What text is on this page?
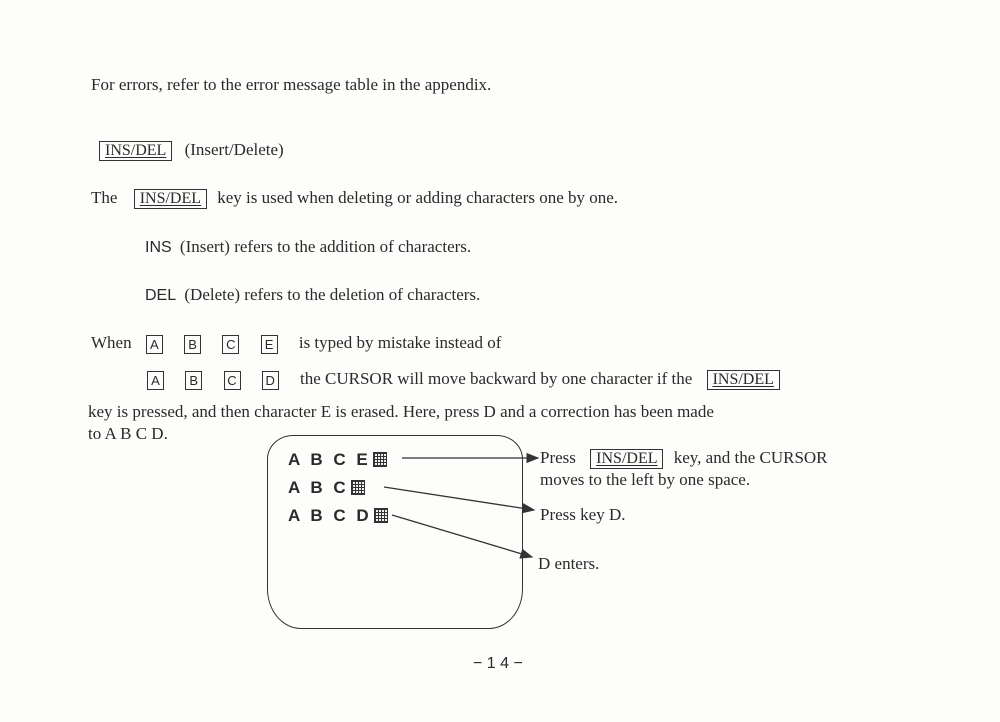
For errors, refer to the error message table in the appendix.
INS/DEL (Insert/Delete)
The INS/DEL key is used when deleting or adding characters one by one.
INS (Insert) refers to the addition of characters.
DEL (Delete) refers to the deletion of characters.
When A B C E is typed by mistake instead of
A B C D the CURSOR will move backward by one character if the INS/DEL
key is pressed, and then character E is erased. Here, press D and a correction has been made
to A B C D.
A B C E
A B C
A B C D
Press INS/DEL key, and the CURSOR
moves to the left by one space.
Press key D.
D enters.
− 1 4 −
